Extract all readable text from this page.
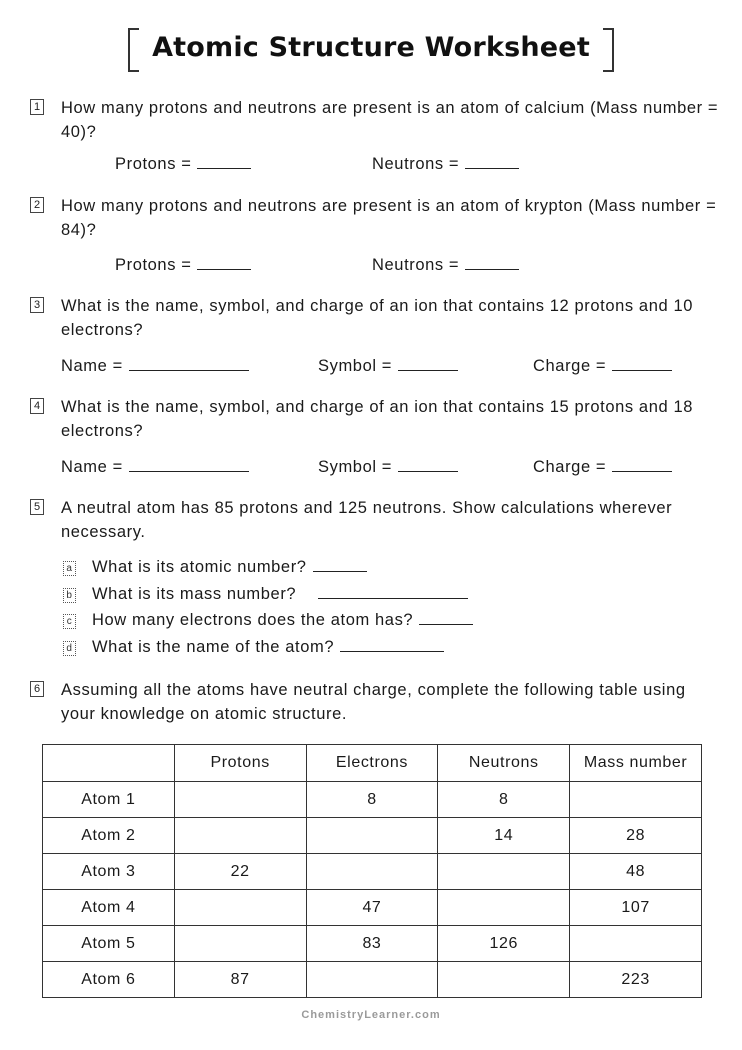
Atomic Structure Worksheet
1 How many protons and neutrons are present is an atom of calcium (Mass number = 40)?
Protons =	Neutrons =
2 How many protons and neutrons are present is an atom of krypton (Mass number = 84)?
Protons =	Neutrons =
3 What is the name, symbol, and charge of an ion that contains 12 protons and 10 electrons?
Name =	Symbol =	Charge =
4 What is the name, symbol, and charge of an ion that contains 15 protons and 18 electrons?
Name =	Symbol =	Charge =
5 A neutral atom has 85 protons and 125 neutrons. Show calculations wherever necessary.
a What is its atomic number?
b What is its mass number?
c How many electrons does the atom has?
d What is the name of the atom?
6 Assuming all the atoms have neutral charge, complete the following table using your knowledge on atomic structure.
	Protons	Electrons	Neutrons	Mass number
Atom 1		8	8	
Atom 2			14	28
Atom 3	22			48
Atom 4		47		107
Atom 5		83	126	
Atom 6	87			223
ChemistryLearner.com
